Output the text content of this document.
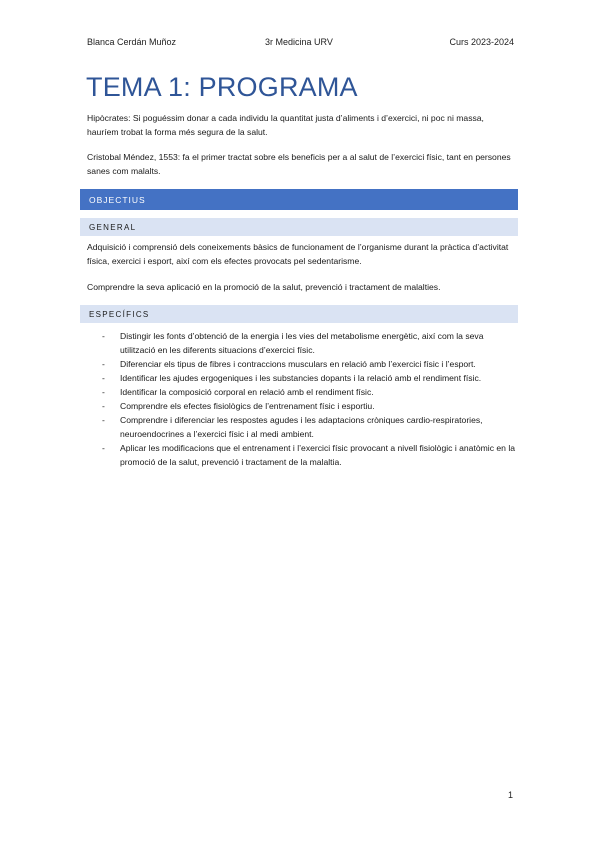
Blanca Cerdán Muñoz	3r Medicina URV	Curs 2023-2024
TEMA 1: PROGRAMA
Hipòcrates: Si poguéssim donar a cada individu la quantitat justa d’aliments i d’exercici, ni poc ni massa, hauríem trobat la forma més segura de la salut.
Cristobal Méndez, 1553: fa el primer tractat sobre els beneficis per a al salut de l’exercici físic, tant en persones sanes com malalts.
OBJECTIUS
GENERAL
Adquisició i comprensió dels coneixements bàsics de funcionament de l’organisme durant la pràctica d’activitat física, exercici i esport, així com els efectes provocats pel sedentarisme.
Comprendre la seva aplicació en la promoció de la salut, prevenció i tractament de malalties.
ESPECÍFICS
- Distingir les fonts d’obtenció de la energia i les vies del metabolisme energètic, així com la seva utilització en les diferents situacions d’exercici físic.
- Diferenciar els tipus de fibres i contraccions musculars en relació amb l’exercici físic i l’esport.
- Identificar les ajudes ergogeniques i les substancies dopants i la relació amb el rendiment físic.
- Identificar la composició corporal en relació amb el rendiment físic.
- Comprendre els efectes fisiològics de l’entrenament físic i esportiu.
- Comprendre i diferenciar les respostes agudes i les adaptacions cròniques cardio-respiratories, neuroendocrines a l’exercici físic i al medi ambient.
- Aplicar les modificacions que el entrenament i l’exercici físic provocant a nivell fisiològic i anatòmic en la promoció de la salut, prevenció i tractament de la malaltia.
1
